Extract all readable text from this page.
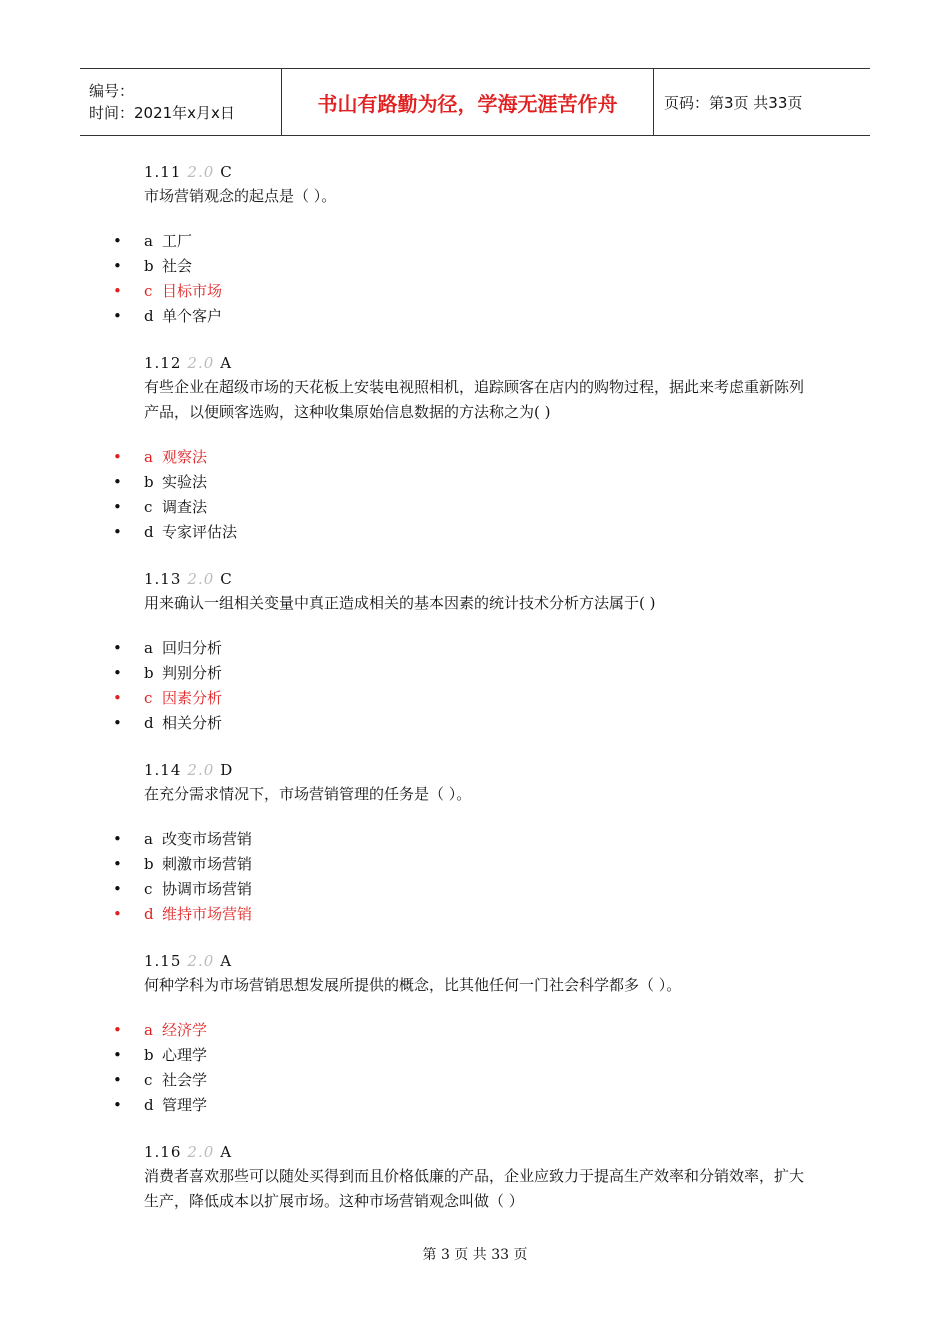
编号：
时间：2021年x月x日	书山有路勤为径，学海无涯苦作舟	页码：第3页 共33页
1.11 2.0 C
市场营销观念的起点是（ ）。
• a 工厂
• b 社会
• c 目标市场
• d 单个客户
1.12 2.0 A
有些企业在超级市场的天花板上安装电视照相机，追踪顾客在店内的购物过程，据此来考虑重新陈列产品，以便顾客选购，这种收集原始信息数据的方法称之为( )
• a 观察法
• b 实验法
• c 调查法
• d 专家评估法
1.13 2.0 C
用来确认一组相关变量中真正造成相关的基本因素的统计技术分析方法属于( )
• a 回归分析
• b 判别分析
• c 因素分析
• d 相关分析
1.14 2.0 D
在充分需求情况下，市场营销管理的任务是（ ）。
• a 改变市场营销
• b 刺激市场营销
• c 协调市场营销
• d 维持市场营销
1.15 2.0 A
何种学科为市场营销思想发展所提供的概念，比其他任何一门社会科学都多（ ）。
• a 经济学
• b 心理学
• c 社会学
• d 管理学
1.16 2.0 A
消费者喜欢那些可以随处买得到而且价格低廉的产品，企业应致力于提高生产效率和分销效率，扩大生产，降低成本以扩展市场。这种市场营销观念叫做（ ）
第 3 页 共 33 页
